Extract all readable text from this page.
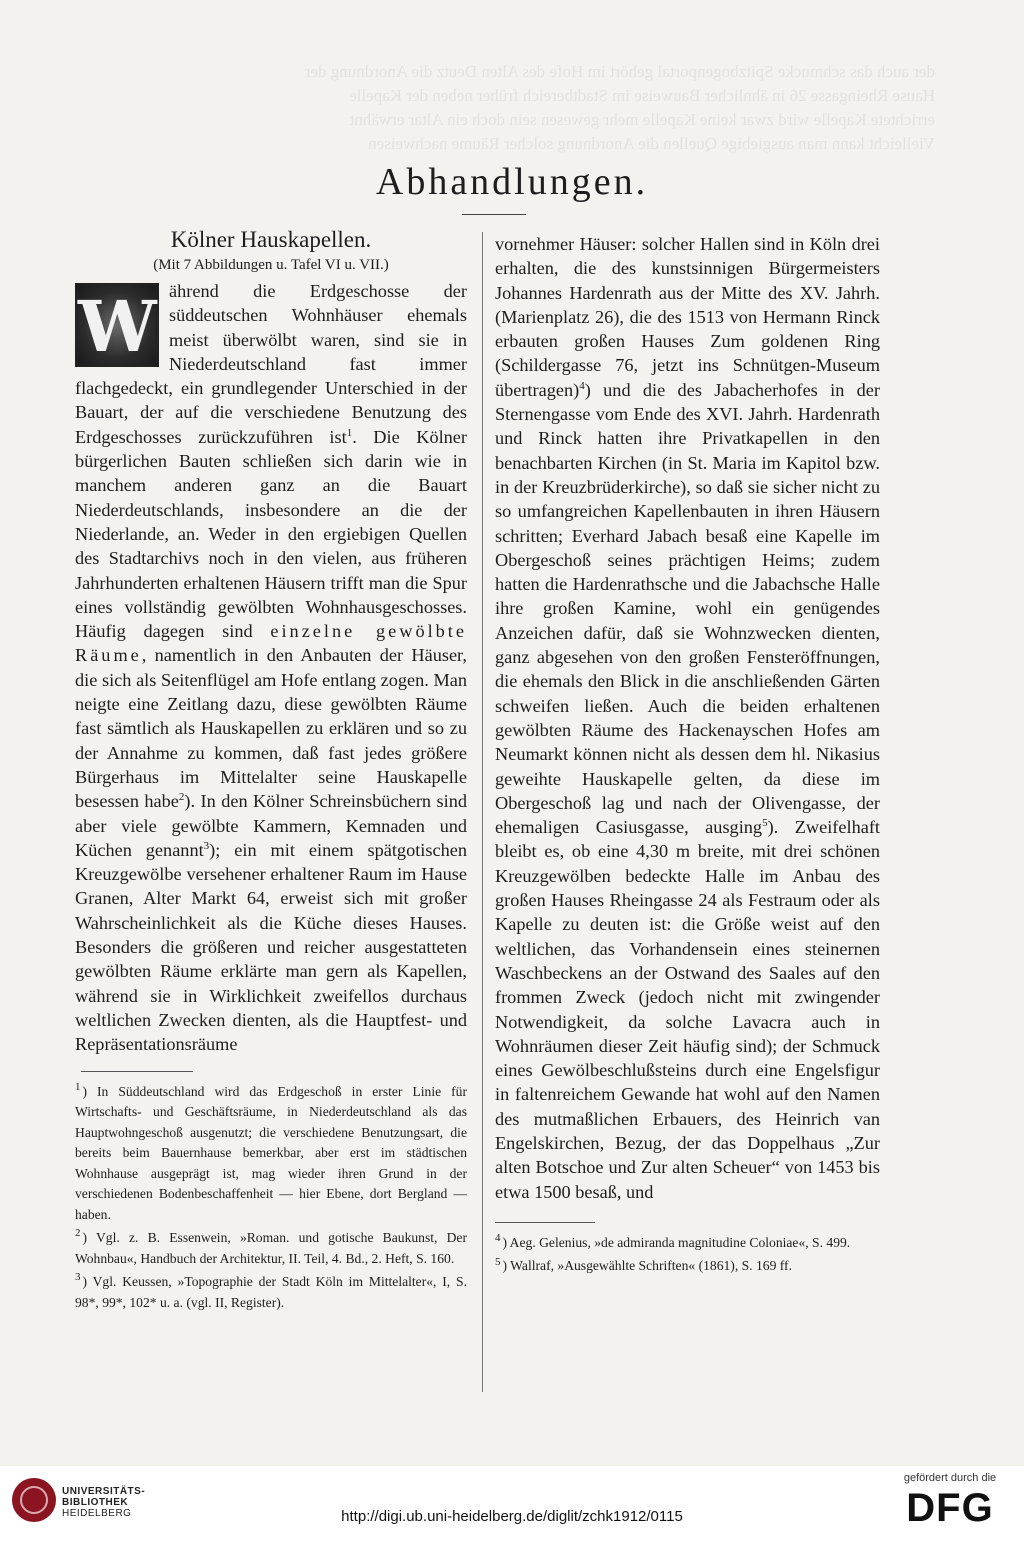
der auch das schmucke Spitzbogenportal gehört im Hofe des Alten Deutz die Anordnung der
Hause Rheingasse 26 in ähnlicher Bauweise im Stadtbereich früher neben der Kapelle
errichtete Kapelle wird zwar keine Kapelle mehr gewesen sein doch ein Altar erwähnt
Vielleicht kann man ausgiebige Quellen die Anordnung solcher Räume nachweisen
Abhandlungen.
Kölner Hauskapellen.
(Mit 7 Abbildungen u. Tafel VI u. VII.)

W ährend die Erdgeschosse der süddeutschen Wohnhäuser ehemals meist überwölbt waren, sind sie in Niederdeutschland fast immer flachgedeckt, ein grundlegender Unterschied in der Bauart, der auf die verschiedene Benutzung des Erdgeschosses zurückzuführen ist$^1$. Die Kölner bürgerlichen Bauten schließen sich darin wie in manchem anderen ganz an die Bauart Niederdeutschlands, insbesondere an die der Niederlande, an. Weder in den ergiebigen Quellen des Stadtarchivs noch in den vielen, aus früheren Jahrhunderten erhaltenen Häusern trifft man die Spur eines vollständig gewölbten Wohnhausgeschosses. Häufig dagegen sind einzelne gewölbte Räume, namentlich in den Anbauten der Häuser, die sich als Seitenflügel am Hofe entlang zogen. Man neigte eine Zeitlang dazu, diese gewölbten Räume fast sämtlich als Hauskapellen zu erklären und so zu der Annahme zu kommen, daß fast jedes größere Bürgerhaus im Mittelalter seine Hauskapelle besessen habe$^2$). In den Kölner Schreinsbüchern sind aber viele gewölbte Kammern, Kemnaden und Küchen genannt$^3$); ein mit einem spätgotischen Kreuzgewölbe versehener erhaltener Raum im Hause Granen, Alter Markt 64, erweist sich mit großer Wahrscheinlichkeit als die Küche dieses Hauses. Besonders die größeren und reicher ausgestatteten gewölbten Räume erklärte man gern als Kapellen, während sie in Wirklichkeit zweifellos durchaus weltlichen Zwecken dienten, als die Hauptfest- und Repräsentationsräume

$^1$ ) In Süddeutschland wird das Erdgeschoß in erster Linie für Wirtschafts- und Geschäftsräume, in Niederdeutschland als das Hauptwohngeschoß ausgenutzt; die verschiedene Benutzungsart, die bereits beim Bauernhause bemerkbar, aber erst im städtischen Wohnhause ausgeprägt ist, mag wieder ihren Grund in der verschiedenen Bodenbeschaffenheit — hier Ebene, dort Bergland — haben.

$^2$ ) Vgl. z. B. Essenwein, »Roman. und gotische Baukunst, Der Wohnbau«, Handbuch der Architektur, II. Teil, 4. Bd., 2. Heft, S. 160.

$^3$ ) Vgl. Keussen, »Topographie der Stadt Köln im Mittelalter«, I, S. 98*, 99*, 102* u. a. (vgl. II, Register).

vornehmer Häuser: solcher Hallen sind in Köln drei erhalten, die des kunstsinnigen Bürgermeisters Johannes Hardenrath aus der Mitte des XV. Jahrh. (Marienplatz 26), die des 1513 von Hermann Rinck erbauten großen Hauses Zum goldenen Ring (Schildergasse 76, jetzt ins Schnütgen-Museum übertragen)$^4$) und die des Jabacherhofes in der Sternengasse vom Ende des XVI. Jahrh. Hardenrath und Rinck hatten ihre Privatkapellen in den benachbarten Kirchen (in St. Maria im Kapitol bzw. in der Kreuzbrüderkirche), so daß sie sicher nicht zu so umfangreichen Kapellenbauten in ihren Häusern schritten; Everhard Jabach besaß eine Kapelle im Obergeschoß seines prächtigen Heims; zudem hatten die Hardenrathsche und die Jabachsche Halle ihre großen Kamine, wohl ein genügendes Anzeichen dafür, daß sie Wohnzwecken dienten, ganz abgesehen von den großen Fensteröffnungen, die ehemals den Blick in die anschließenden Gärten schweifen ließen. Auch die beiden erhaltenen gewölbten Räume des Hackenayschen Hofes am Neumarkt können nicht als dessen dem hl. Nikasius geweihte Hauskapelle gelten, da diese im Obergeschoß lag und nach der Olivengasse, der ehemaligen Casiusgasse, ausging$^5$). Zweifelhaft bleibt es, ob eine 4,30 m breite, mit drei schönen Kreuzgewölben bedeckte Halle im Anbau des großen Hauses Rheingasse 24 als Festraum oder als Kapelle zu deuten ist: die Größe weist auf den weltlichen, das Vorhandensein eines steinernen Waschbeckens an der Ostwand des Saales auf den frommen Zweck (jedoch nicht mit zwingender Notwendigkeit, da solche Lavacra auch in Wohnräumen dieser Zeit häufig sind); der Schmuck eines Gewölbeschlußsteins durch eine Engelsfigur in faltenreichem Gewande hat wohl auf den Namen des mutmaßlichen Erbauers, des Heinrich van Engelskirchen, Bezug, der das Doppelhaus „Zur alten Botschoe und Zur alten Scheuer“ von 1453 bis etwa 1500 besaß, und

$^4$ ) Aeg. Gelenius, »de admiranda magnitudine Coloniae«, S. 499.

$^5$ ) Wallraf, »Ausgewählte Schriften« (1861), S. 169 ff.

UNIVERSITÄTS-
BIBLIOTHEK
HEIDELBERG	http://digi.ub.uni-heidelberg.de/diglit/zchk1912/0115
gefördert durch die
DFG
